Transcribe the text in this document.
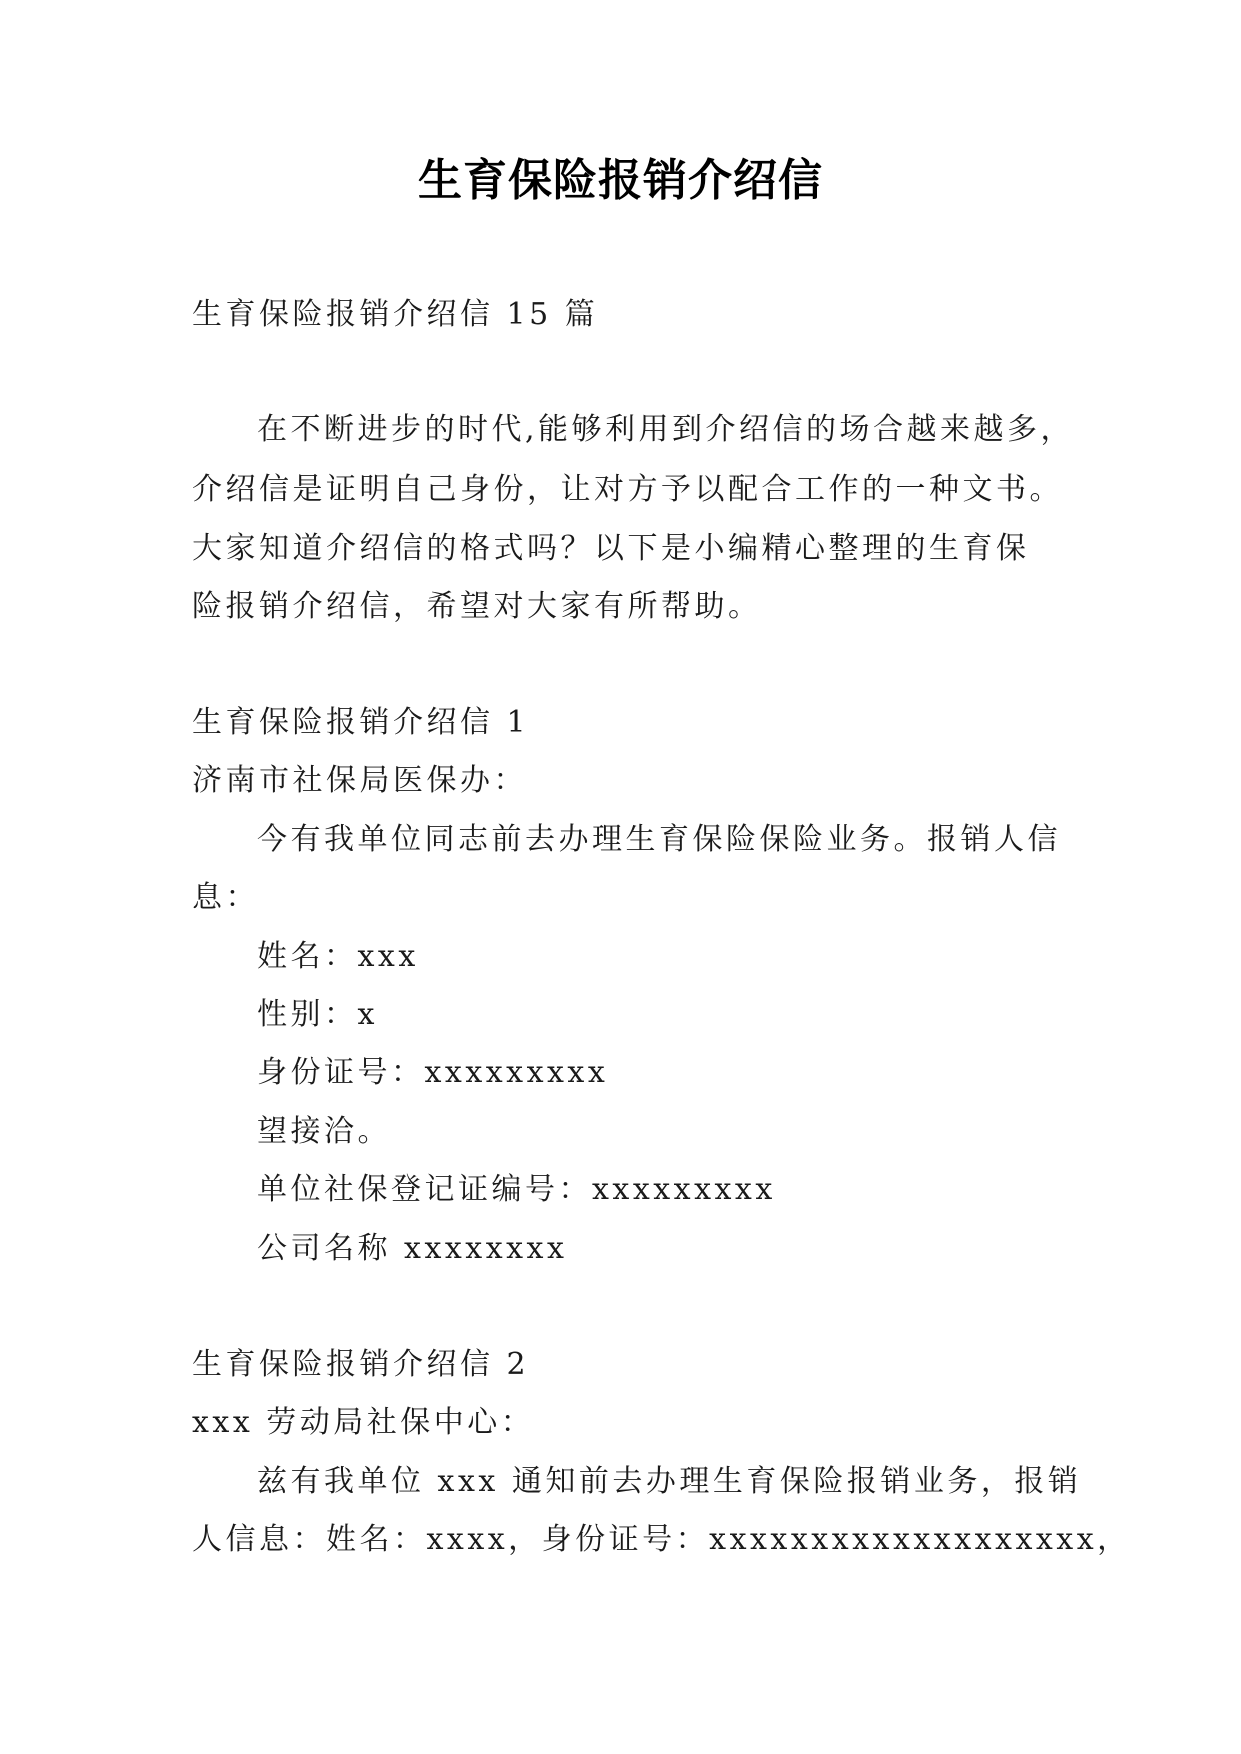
生育保险报销介绍信
生育保险报销介绍信 15 篇
在不断进步的时代,能够利用到介绍信的场合越来越多，
介绍信是证明自己身份，让对方予以配合工作的一种文书。
大家知道介绍信的格式吗？以下是小编精心整理的生育保
险报销介绍信，希望对大家有所帮助。
生育保险报销介绍信 1
济南市社保局医保办：
今有我单位同志前去办理生育保险保险业务。报销人信
息：
姓名：xxx
性别：x
身份证号：xxxxxxxxx
望接洽。
单位社保登记证编号：xxxxxxxxx
公司名称 xxxxxxxx
生育保险报销介绍信 2
xxx 劳动局社保中心：
兹有我单位 xxx 通知前去办理生育保险报销业务，报销
人信息：姓名：xxxx，身份证号：xxxxxxxxxxxxxxxxxxx，
